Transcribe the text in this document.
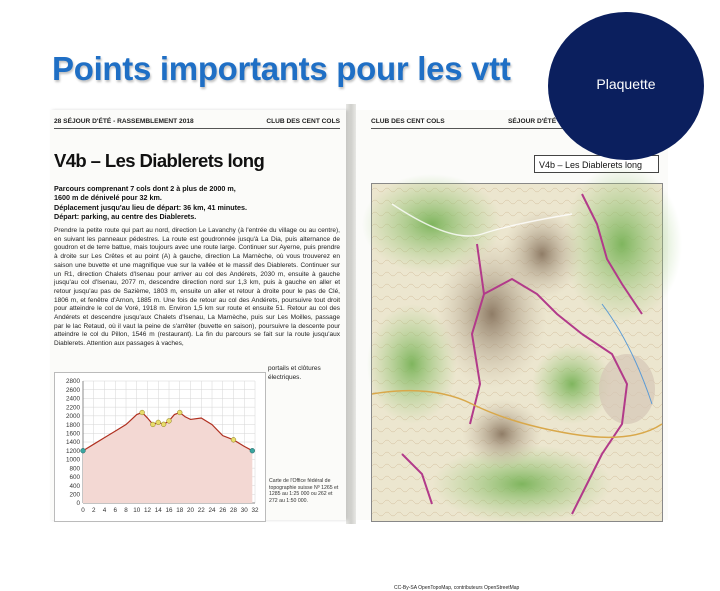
Points importants pour les vtt	Plaquette
28 SÉJOUR D'ÉTÉ - RASSEMBLEMENT 2018	CLUB DES CENT COLS
V4b – Les Diablerets long
Parcours comprenant 7 cols dont 2 à plus de 2000 m,
1600 m de dénivelé pour 32 km.
Déplacement jusqu'au lieu de départ: 36 km, 41 minutes.
Départ: parking, au centre des Diablerets.
Prendre la petite route qui part au nord, direction Le Lavanchy (à l'entrée du village ou au centre), en suivant les panneaux pédestres. La route est goudronnée jusqu'à La Dia, puis alternance de goudron et de terre battue, mais toujours avec une route large. Continuer sur Ayerne, puis prendre à droite sur Les Crêtes et au point (A) à gauche, direction La Marnèche, où vous trouverez en saison une buvette et une magnifique vue sur la vallée et le massif des Diablerets. Continuer sur un R1, direction Chalets d'Isenau pour arriver au col des Andérets, 2030 m, ensuite à gauche jusqu'au col d'Isenau, 2077 m, descendre direction nord sur 1,3 km, puis à gauche en aller et retour jusqu'au pas de Sazième, 1803 m, ensuite un aller et retour à droite pour le pas de Clé, 1806 m, et fenêtre d'Arnon, 1885 m. Une fois de retour au col des Andérets, poursuivre tout droit pour atteindre le col de Voré, 1918 m. Environ 1,5 km sur route et ensuite 51. Retour au col des Andérets et descendre jusqu'aux Chalets d'Isenau, La Marnèche, puis sur Les Moilles, passage par le lac Retaud, où il vaut la peine de s'arrêter (buvette en saison), poursuivre la descente pour atteindre le col du Pillon, 1546 m (restaurant). La fin du parcours se fait sur la route jusqu'aux Diablerets. Attention aux passages à vaches,
portails et clôtures électriques.
0
200
400
600
800
1000
1200
1400
1600
1800
2000
2200
2400
2600
2800
0 2 4 6 8 10 12 14 16 18 20 22 24 26 28 30 32
Carte de l'Office fédéral de topographie suisse Nº 1265 et 1285 au 1:25 000 ou 262 et 272 au 1:50 000.
CLUB DES CENT COLS	SÉJOUR D'ÉTÉ
V4b – Les Diablerets long
CC-By-SA OpenTopoMap, contributeurs OpenStreetMap
